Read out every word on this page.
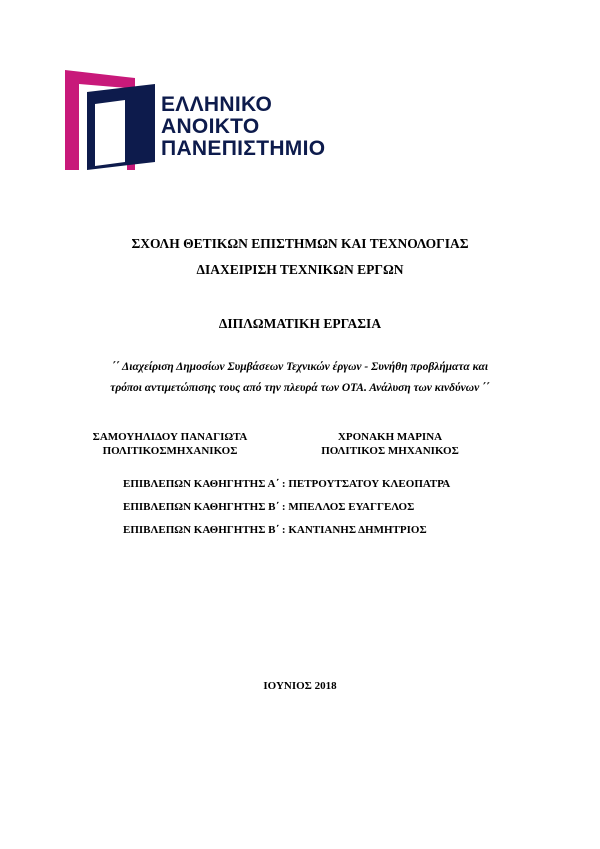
ΕΛΛΗΝΙΚΟ
ΑΝΟΙΚΤΟ
ΠΑΝΕΠΙΣΤΗΜΙΟ
ΣΧΟΛΗ ΘΕΤΙΚΩΝ ΕΠΙΣΤΗΜΩΝ ΚΑΙ ΤΕΧΝΟΛΟΓΙΑΣ
ΔΙΑΧΕΙΡΙΣΗ ΤΕΧΝΙΚΩΝ ΕΡΓΩΝ
ΔΙΠΛΩΜΑΤΙΚΗ ΕΡΓΑΣΙΑ
΄΄ Διαχείριση Δημοσίων Συμβάσεων Τεχνικών έργων - Συνήθη προβλήματα και
τρόποι αντιμετώπισης τους από την πλευρά των ΟΤΑ. Ανάλυση των κινδύνων ΄΄
ΣΑΜΟΥΗΛΙΔΟΥ ΠΑΝΑΓΙΩΤΑ
ΠΟΛΙΤΙΚΟΣΜΗΧΑΝΙΚΟΣ
ΧΡΟΝΑΚΗ ΜΑΡΙΝΑ
ΠΟΛΙΤΙΚΟΣ ΜΗΧΑΝΙΚΟΣ
ΕΠΙΒΛΕΠΩΝ ΚΑΘΗΓΗΤΗΣ Α΄ : ΠΕΤΡΟΥΤΣΑΤΟΥ ΚΛΕΟΠΑΤΡΑ
ΕΠΙΒΛΕΠΩΝ ΚΑΘΗΓΗΤΗΣ Β΄ : ΜΠΕΛΛΟΣ ΕΥΑΓΓΕΛΟΣ
ΕΠΙΒΛΕΠΩΝ ΚΑΘΗΓΗΤΗΣ Β΄ : ΚΑΝΤΙΑΝΗΣ ΔΗΜΗΤΡΙΟΣ
ΙΟΥΝΙΟΣ 2018
